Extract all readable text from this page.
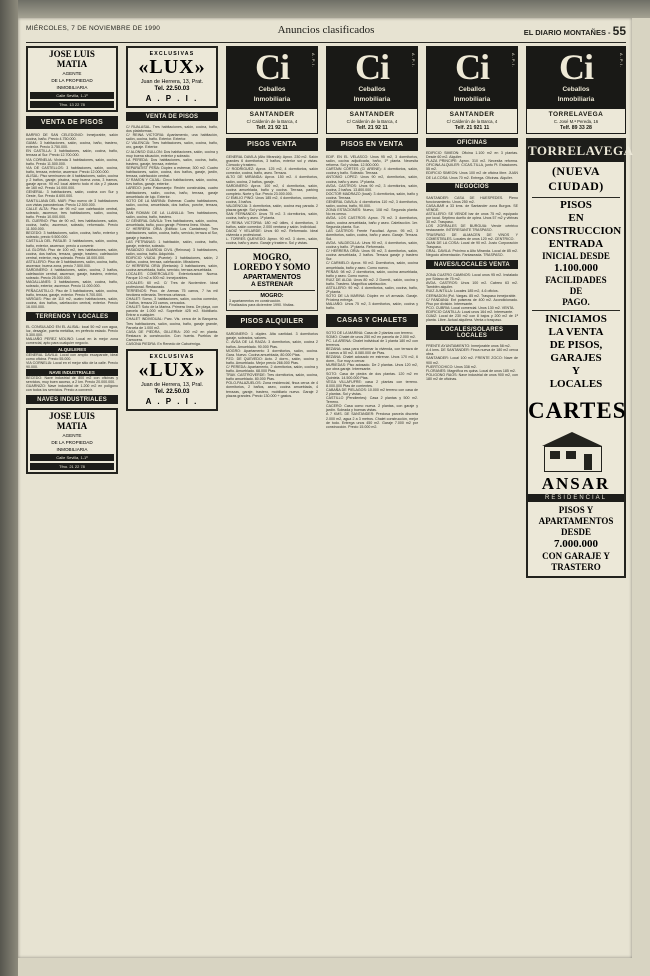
MIÉRCOLES, 7 DE NOVIEMBRE DE 1990	Anuncios clasificados	EL DIARIO MONTAÑES - 55
JOSE LUIS
MATIA
AGENTE
DE LA PROPIEDAD
INMOBILIARIA
Calle Sevilla, 1-1º
Tfno. 13 22 78
VENTA DE PISOS
BARRIO DE SAN CELEDONIO: Inmejorable, salón cocina, baño. Precio 4.750.000.
GAMA: 3 habitaciones, salón, cocina, baño, trastero, exterior. Precio 3.750.000.
EN CASTILLA: 3 habitaciones, salón, cocina, baño, terraza al Sur. Precio 12.700.000.
VIA CORNELIA: Vivienda 3 habitaciones, salón, cocina, baño. Precio 11.500.000.
VIA DE CASTELLOS: 3 habitaciones, salón, cocina, baño, terraza, exterior, ascensor. Precio 12.000.000.
ALISAL: Piso seminuevo de 4 habitaciones, salón, cocina y 2 baños, garaje, piscina, muy buena zona, 3 tramos, garaje aprox. 90 m2 local abierto todo el día y 2 plazas de 160 m2. Precio 14.000.000.
GENERAL: 3 habitaciones, salón, cocina con Sur y Oeste, Sur. Precio 8.600.000.
SANTILLANA DEL MAR: Piso nuevo de 3 habitaciones con vistas panorámicas. Precio 12.500.000.
CALLE ALTA: Piso de 95 m2 con calefacción central, soleado, ascensor, tres habitaciones, salón, cocina, baño. Precio 10.000.000.
EL CUERNO: Piso de 90 m2, tres habitaciones, salón, cocina, baño, ascensor, soleado, reformado. Precio 11.500.000.
BECEDO: 3 habitaciones, salón, cocina, baño, exterior y soleado, precio 9.500.000.
CASTILLA DEL PASAJE: 3 habitaciones, salón, cocina, baño, exterior, ascensor, precio a convenir.
LA GLORIA: Piso de 100 m2, tres habitaciones, salón, cocina, dos baños, terraza, garaje, trastero, calefacción central, exterior, muy soleado. Precio 18.000.000.
ASTILLERO: Piso de 3 habitaciones, salón, cocina, baño, ascensor, buena zona, precio 7.500.000.
SARDINERO: 4 habitaciones, salón, cocina, 2 baños, calefacción central, ascensor, garaje, trastero, exterior, soleado. Precio 25.000.000.
MAGALLANES: 3 habitaciones, salón, cocina, baño, soleado, exterior, ascensor. Precio 11.000.000.
PEÑACASTILLO: Piso de 3 habitaciones, salón, cocina, baño, terraza, garaje, exterior. Precio 9.700.000.
VARGAS: Piso de 110 m2, cuatro habitaciones, salón, cocina, dos baños, calefacción central, exterior. Precio 16.000.000.
TERRENOS Y LOCALES
EL CONSULADO EN EL ALISAL: local 50 m2 con agua, luz, desagüe, puerta metálica, en perfecto estado. Precio 5.300.000.
MALIAÑO PEREZ MOLINO: Local en la mejor zona comercial, apto para cualquier negocio.
ALQUILERES
GENERAL DAVILA: Local con amplio escaparate, ideal como oficina. Precio 55.000.
VIA CORNELIA: Local en el mejor sitio de la calle. Precio 90.000.
NAVE INDUSTRIALES
BECEDO: Nave industrial de 800 m2 con oficinas y servicios, muy buen acceso, a 2 km. Precio 20.000.000.
GUARNIZO: Nave industrial de 1.200 m2 en polígono con todos los servicios. Precio a convenir.
NAVES INDUSTRIALES
JOSE LUIS
MATIA
AGENTE
DE LA PROPIEDAD
INMOBILIARIA
Calle Sevilla, 1-1º
Tfno. 21 22 78
EXCLUSIVAS
«LUX»
Juan de Herrera, 13, Prat.
Tel. 22.50.03
A . P . I .
VENTA DE PISOS
C/ RUALASAL. Tres habitaciones, salón, cocina, baño, dos plataformas.
C/ REINA VICTORIA: Apartamento, una habitación, salón, cocina, baño. Exterior. Exterior.
C/ VALENCIA: Tres habitaciones, salón, cocina, baño, oro, garaje. Exterior.
C/ ALONSO GULLON: Dos habitaciones, salón, cocina y muy buena situación, exterior y soleado.
LA PEREDA: Dos habitaciones, salón, cocina, baño, trastero, garaje, terraza, exterior.
SEPARATIST PEÑA: Dúplex a estrenar, 300 m2. Cuatro habitaciones, salón, cocina, dos baños, garaje, jardín, terraza, calefacción central.
C/ RAMON Y CAJAL: Cinco habitaciones, salón, cocina, tres baños, garaje, exterior.
LAREDO: junto Palomarejo: Recién construidas, cuatro habitaciones, salón, cocina, baño, terraza, garaje amueblado de lujo. Exterior.
SOTO DE LA MARINA: Estrenar. Cuatro habitaciones, salón, cocina, amueblada, dos baños, porche, terraza, jardín.
SAN ROMAN DE LA LLANILLA: Tres habitaciones, salón, cocina, baño, trastero.
C/ GENERAL DAVILA: Tres habitaciones, salón, cocina, amueblada, baño, poco garaje. Primera línea. Vistas.
C/ HERRERA ORIA (Edificio Los Cantabros): Tres habitaciones, salón, cocina, baño, servicio, terraza al Sur, garaje y trastero.
LAS PETRANAS: 1 habitación, salón, cocina, baño, garaje, exterior, soleado.
PASADIZO GUARDIA CIVIL (Reinosa): 3 habitaciones, salón, cocina, baño. Adquirido.
EDIFICIO VIUDA (Puente): 3 habitaciones, salón, 2 baños, cocina, terraza, calefacción. Miradores.
C/ HERRERA ORIA (Bretania): 3 habitaciones, salón, cocina amueblada, baño, servicio, terraza amueblada.
LOCALES COMERCIALES: Exteriorización Nueva. Parque 10 m2 a 500 m2. Inmejorables.
LOCALES: 60 m2. C/ Tres de Noviembre. Ideal profesional. Restaurado.
TERRENOS: Prox. de Arenas 75 carros, 7 ha mil hectárea milenaria. Terrenos urbanos.
CHALET: Somo, 3 habitaciones, salón, cocina comedor, 2 baños, terraza 23 carros, cercados.
CHALET: Soto de la Marina. Primera línea. De playa, con parcela de 1.000 m2. Superficie 425 m2. Mobiliario. Entrar a cualquier.
CHALET INDIVIDUAL: Parc. Vis. cerca de la Barquera. Tres habitaciones, salón, cocina, baño, garaje grande, Parcela de 1.000 m2.
CASA DE PIEDRA, GILLERIA: 200 m2 en planta. Restaura la construcción. Con huerta. Pueblos de Carrocera.
CASONA PIEDRA: En Renedo de Cabuérniga.
EXCLUSIVAS
«LUX»
Juan de Herrera, 13, Pral.
Tel. 22.50.03
A . P . I .
A.P.I.
Ci
Ceballos
Inmobiliaria
SANTANDER
C/ Calderón de la Barca, 4
Telf. 21 92 11
PISOS VENTA
GENERAL DAVILA (Alto Miranda): Aprox. 230 m2. Salón grandes 6 dormitorios, 3 baños, exterior sol y vistas. Cómodo y trastero.
C/ RODRIGUEZ: Aprox. 125 m2, 4 dormitorios, salón comedor, cocina, baño, aseo. Terraza.
ALTO DE MIRANDA: Aprox. 150 m2. 4 dormitorios, salón, cocina, 2 baños, garaje.
SARDINERO: Aprox. 100 m2, 4 dormitorios, salón, cocina amueblada, baño y cocina. Terraza, parking completo. Norte y Sur. Precio 23.000.000.
C/ EMILIO PINO: Unos 185 m2, 4 dormitorios, comedor, cocina, 3 baños.
VALDENOJA: 3 dormitorios, salón, cocina esq parada. 2 plazas garaje. Sol y vistas.
SAN FERNANDO: Unos 75 m2. 3 dormitorios, salón, cocina, baño y aseo. 1ª planta.
C/ REINA VICTORIA: 180 m2 útiles, 4 dormitorios, 3 baños, salón comedor, 2.000 ventana y salón. Individual.
DAOIZ Y VELARDE: Unos 60 m2. Reformado. Ideal vivienda o profesional.
L. TORRES QUEVEDO: Aprox. 90 m2. 3 dorm., salón, cocina, baño y aseo. Garaje y trastero. Sol y vistas.
MOGRO,
LOREDO Y SOMO
APARTAMENTOS
A ESTRENAR
MOGRO:
3 apartamentos en construcción.
Finalizados para diciembre 1990. Visitas.
PISOS ALQUILER
SARDINERO: 1 dúplex. Alta cantidad. 3 dormitorios garaje, soleados, valores.
C. AVDA DE LA RAIZA: 3 dormitorios, salón, cocina 2 baños. Amueblado. 90.000 Ptas.
MOGRO: Apartamento 3 dormitorios, salón, cocina. Gara. Nuevo. Cocina amueblada, 80.000 Ptas.
PZO. DE QUEVEDO: Acto. 2 dorm., salón, cocina y baño. Amueblado. Mejor precio 266.000 Ptas.
C/ PEREDA: Apartamento, 2 dormitorios, salón, cocina y baño. Amueblado. 68.000 Ptas.
TRAV. CASTROVERDE: Tres dormitorios, salón, cocina, baño amueblado. 80.000 Ptas.
POLO-PALAZUELOS: Zona residencial, finca cerca de 4 dormitorios, 2 baños, aseo, cocina amueblada, 4 terrazas, garaje, trastero, mobiliario nuevo. Garaje 2 plazas grandes. Precio 130.000 + gastos.
A.P.I.
Ci
Ceballos
Inmobiliaria
SANTANDER
C/ Calderón de la Barca, 4
Telf. 21 92 11
PISOS EN VENTA
EDIF. EN EL VELASCO: Unos 95 m2, 3 dormitorios, salón, cocina adjudicada, baño, 1ª planta. Necesita reforma. Sol y vistas. 12.500.000.
CARTAIN CORTES (C/ ARENE): 4 dormitorios, salón, cocina y baño. Soleado. Terraza.
ANTONIO LOPEZ: Unos 90 m2, dormitorios, salón, cocina, baño y aseo. 1ª planta.
AVDA. CASTROS: Unos 90 m2, 3 dormitorios, salón, cocina, 2 baños. 13.800.000.
DOCTOR MADRAZO (local): 3 dormitorios, salón, baño y cocina. Terraza.
GENERAL DAVILA: 4 dormitorios 110 m2, 3 dormitorios, salón, cocina, baño, 90.000.
ZONA ESTACIONES: Nuevo, 108 m2. Segunda planta. No es censo.
AVDA. LOS CASTROS: Aprox. 75 m2. 3 dormitorios, salón, cocina amueblada, baño y aseo. Calefacción. 1er. Segunda planta. Sur.
LAS CASTROS: Frente Facultad. Aprox. 95 m2, 3 dormitorios, salón, cocina, baño y aseo. Garaje. Terraza. Sol.
AVDA. VALDECILLA: Unos 90 m2, 4 dormitorios, salón, cocina y baño. 1ª planta. Reformado.
C/ HERRERA ORIA: Unos 95 m2, 3 dormitorios, salón, cocina amueblada, 2 baños. Terraza garaje y trastero Sur.
C/ CARMELO: Aprox. 90 m2. Dormitorios, salón, cocina amueblada, baño y aseo. Como nuevo.
PEÑAS: 98 m2. 2 dormitorios, salón, cocina amueblada, baño y aseo. Como nuevo.
RUIZ DE ALDA: Unos 80 m2. 2 Dormit., salón, cocina y baño. Trastero. Magnífica calefacción.
ASTILLERO: 90 m2. 4 dormitorios, salón, cocina, baño, 2ª planta.
SOTO DE LA MARINA: Dúplex en c/t armada. Garaje. Próxima entrega.
MALIAÑO: Unos 75 m2, 3 dormitorios, salón, cocina y baño.
CASAS Y CHALETS
SOTO DE LA MARINA: Casa de 2 plantas con terreno.
SOMO: Chalet de unos 250 m2 en parcela de 2.000 m2.
PC. LA ARENA: Chalet individual de 1 planta 180 m2 con terrenos.
BEZANA: casa para reformar la vivienda, con terraza de 4 carros a 50 m2. 8.080.000 de Ptas.
BEZANA: Chalet adosado en estrenar. Unos 170 m2, 6 dorm., Sur muy a cercar.
MURIEDAS: Piso adosado. De 2 plantas. Unos 120 m2, por obra garaje. Interesante.
SOTO: Casa de piedra de dos plantas. 120 m2 en Quintela. 14.500.000 Ptas.
VEGA VILLAFUFRE: casa 2 plantas con terreno. 8.000.000 Ptas de corrientes.
CABAÑA DE PIELAGOS: 10.000 m2 terreno con casa de 2 plantas. Sol y vistas.
CASTILLO (Pendientes): Casa 2 plantas y 500 m2. Terreno.
CACERO: Casa como nueva. 2 plantas, con garaje y jardín. Soleada y buenas vistas.
A 7 KMS. DE SANTANDER: Preciosa parcela discreta 2.000 m2, agua 2 a 3 metros. Chalet construcción, mejor de todo. Entrega unos 450 m2. Garaje 7.000 m2 por construcción. Precio 15.000 m2.
A.P.I.
Ci
Ceballos
Inmobiliaria
SANTANDER
C/ Calderón de la Barca, 4
Telf. 21 921 11
OFICINAS
EDIFICIO SIMEON: Oficina 1.100 m2 en 3 plantas. Desde 60 m2. Alquiler.
PLAZA PRINCIPE: Aprox. 310 m2. Necesita reforma. OFICINA ALQUILER: C/CAS-TILLA, junto Pl. Estaciones. 55 m2.
EDIFICIO SIMEON: Unos 100 m2 de oficina libre. JUAN DE LA COSA: Unos 70 m2. Entrega. Oficinas. Alquiler.
NEGOCIOS
SANTANDER: CASA DE HUESPEDES. Pleno funcionamiento. Unos 250 m2.
CASA-BAR a 33 kms. de Santander zona Burgos. SE VENDE.
ASTILLERO: SE VENDE bar de unos 75 m2, equipado por local. Séptimo dueño de oplea. Unos 57 m2 y vitrinas 30 m2. Traspaso.
LOS ZORRALES DE BURGUIA: Vende céntrico restaurante. INTERESANTE TRASPASO.
TRASPASO DE ALMACEN DE VINOS Y COMESTIBLES. Locales de unos 120 m2. CENTRICO.
JUAN DE LA COSA: Local de 90 m2. Justo Corporación Traspaso.
GRAL. DAVILA: Próximo a Alto Miranda. Local de 85 m2. Negocio alimentación. Fantaseada. TRASPASO.
NAVES/LOCALES VENTA
ZONA CUATRO CAMINOS: Local unos 95 m2. Instalado por Sótano de 75 m2.
AVDA. CASTROS: Unos 100 m2. Cabreo 63 m2. También alquiler.
RUIZ JUNTILLA: Locales 185 m2, 4-6 oficios.
CERNADON (Pol. Vargas. 85 m2. Traspaso inmejorable.
C/ FANDANA: Ent pulseras de 400 m2. Acondicionado. Piso por división. Interesante.
PCO. CUBRIA: Local comercial. Unos 130 m2. VENTA.
EDIFICIO CANTILLA: Local unos 164 m2. Interesante.
OJAIZ: Local de 230 m2 con 8 bajos y 200 m2 de 1ª planta. Libre. Actual alquilera. Venta o traspaso.
LOCALES/SOLARES LOCALES
FRENTE AYUNTAMIENTO: Inmejorable unos 58 m2.
A 4 kms. DE SANTANDER: Finca nueva de 180 m2 cerca obra.
SANTANDER: Local 100 m2. FRENTE ZOCO: Nave de 900 m2.
PUERTOCHICO: Unos 338 m2.
FLORANES: Magnífica es quina. Local de unos 185 m2.
POLIGONO RAOS: Nave industrial de unos 900 m2, con 180 m2 de oficinas.
A.P.I.
Ci
Ceballos
Inmobiliaria
TORRELAVEGA
C. José M.ª Pereda, 16
Telf. 89 33 28
TORRELAVEGA
(NUEVA CIUDAD)
PISOS
EN
CONSTRUCCION
ENTRADA
INICIAL DESDE
1.100.000
FACILIDADES
DE
PAGO.
INICIAMOS
LA VENTA
DE PISOS,
GARAJES
Y
LOCALES
CARTES
ANSAR
RESIDENCIAL
PISOS Y
APARTAMENTOS
DESDE
7.000.000
CON GARAJE Y
TRASTERO
